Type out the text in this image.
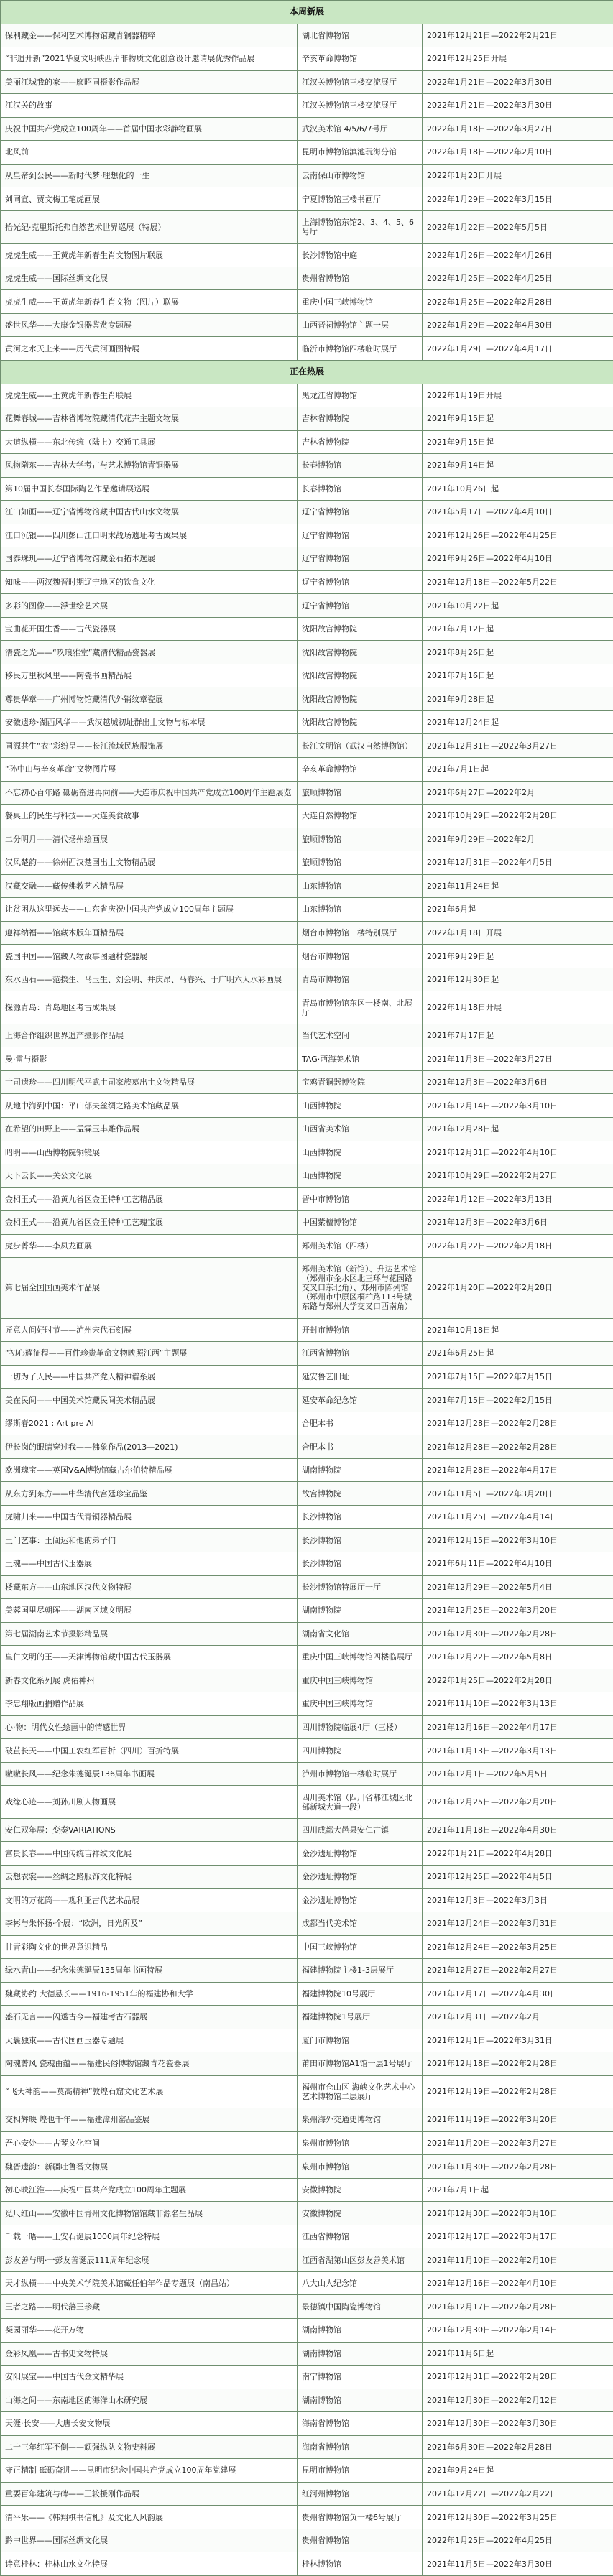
本周新展		
保利藏金——保利艺术博物馆藏青铜器精粹	湖北省博物馆	2021年12月21日—2022年2月21日
“非遗开新”2021华夏文明峡西岸非物质文化创意设计邀请展优秀作品展	辛亥革命博物馆	2021年12月25日开展
美丽江城我的家——廖昭同摄影作品展	江汉关博物馆三楼交流展厅	2022年1月21日—2022年3月30日
江汉关的故事	江汉关博物馆三楼交流展厅	2022年1月21日—2022年3月30日
庆祝中国共产党成立100周年——首届中国水彩静物画展	武汉美术馆 4/5/6/7号厅	2022年1月18日—2022年3月27日
北风前	昆明市博物馆滇池玩海分馆	2022年1月18日—2022年2月10日
从皇帝到公民——新时代梦·理想化的一生	云南保山市博物馆	2022年1月23日开展
刘同宣、贾文梅工笔虎画展	宁夏博物馆三楼书画厅	2022年1月29日—2022年3月15日
拾光纪·克里斯托弗自然艺术世界巡展（特展）	上海博物馆东馆2、3、4、5、6号厅	2022年1月22日—2022年5月5日
虎虎生威——王黄虎年新春生肖文物图片联展	长沙博物馆中庭	2022年1月26日—2022年4月26日
虎虎生威——国际丝绸文化展	贵州省博物馆	2022年1月25日—2022年4月25日
虎虎生威——王黄虎年新春生肖文物（图片）联展	重庆中国三峡博物馆	2022年1月25日—2022年2月28日
盛世风华——大康金银器鉴赏专题展	山西晋祠博物馆主题一层	2022年1月29日—2022年4月30日
黄河之水天上来——历代黄河画图特展	临沂市博物馆四楼临时展厅	2022年1月29日—2022年4月17日
正在热展		
虎虎生威——王黄虎年新春生肖联展	黑龙江省博物馆	2022年1月19日开展
花舞春城——吉林省博物院藏清代花卉主题文物展	吉林省博物院	2021年9月15日起
大道纵横——东北传统（陆上）交通工具展	吉林省博物院	2021年9月15日起
风物隋东——吉林大学考古与艺术博物馆青铜器展	长春博物馆	2021年9月14日起
第10届中国长春国际陶艺作品邀请展巡展	长春博物馆	2021年10月26日起
江山如画——辽宁省博物馆藏中国古代山水文物展	辽宁省博物馆	2021年5月17日—2022年4月10日
江口沉银——四川彭山江口明末战场遗址考古成果展	辽宁省博物馆	2021年12月26日—2022年4月25日
国泰珠玑——辽宁省博物馆藏金石拓本选展	辽宁省博物馆	2021年9月26日—2022年4月10日
知味——两汉魏晋时期辽宁地区的饮食文化	辽宁省博物馆	2021年12月18日—2022年5月22日
多彩的图像——浮世绘艺术展	辽宁省博物馆	2021年10月22日起
宝曲花开国生香——古代瓷器展	沈阳故宫博物院	2021年7月12日起
清瓷之光——“玖琅雅堂”藏清代精品瓷器展	沈阳故宫博物院	2021年8月26日起
移民万里秋风里——陶瓷书画精品展	沈阳故宫博物院	2021年7月16日起
尊贵华章——广州博物馆藏清代外销纹章瓷展	沈阳故宫博物院	2021年9月28日起
安徽遗珍·湖西风华——武汉越城初址群出土文物与标本展	沈阳故宫博物院	2021年12月24日起
同源共生“衣”彩纷呈——长江流域民族服饰展	长江文明馆（武汉自然博物馆）	2021年12月31日—2022年3月27日
“孙中山与辛亥革命”文物图片展	辛亥革命博物馆	2021年7月1日起
不忘初心百年路 砥砺奋进再向前——大连市庆祝中国共产党成立100周年主题展览	旅顺博物馆	2021年6月27日—2022年2月
餐桌上的民生与科技——大连美食故事	大连自然博物馆	2021年10月29日—2022年2月28日
二分明月——清代扬州绘画展	旅顺博物馆	2021年9月29日—2022年2月
汉风楚韵——徐州西汉楚国出土文物精品展	旅顺博物馆	2021年12月31日—2022年4月5日
汉藏交融——藏传佛教艺术精品展	山东博物馆	2021年11月24日起
让贫困从这里远去——山东省庆祝中国共产党成立100周年主题展	山东博物馆	2021年6月起
迎祥纳福——馆藏木版年画精品展	烟台市博物馆一楼特别展厅	2022年1月18日开展
瓷国中国——馆藏人物故事图题材瓷器展	烟台市博物馆	2021年9月29日起
东水西石——范揆生、马玉生、刘会明、井庆昂、马春兴、于广明六人水彩画展	青岛市博物馆	2021年12月30日起
探源青岛：青岛地区考古成果展	青岛市博物馆东区一楼南、北展厅	2022年1月18日开展
上海合作组织世界遗产摄影作品展	当代艺术空间	2021年7月17日起
曼·雷与摄影	TAG·西海美术馆	2021年11月3日—2022年3月27日
士司遗珍——四川明代平武土司家族墓出土文物精品展	宝鸡青铜器博物院	2021年12月3日—2022年3月6日
从地中海到中国：平山郁夫丝绸之路美术馆藏品展	山西博物院	2021年12月14日—2022年3月10日
在希望的田野上——孟霖玉丰雕作品展	山西省美术馆	2021年12月28日起
昭明——山西博物院铜镜展	山西博物院	2021年12月31日—2022年4月10日
天下云长——关公文化展	山西博物院	2021年10月29日—2022年2月27日
金相玉式——沿黄九省区金玉特种工艺精品展	晋中市博物馆	2022年1月12日—2022年3月13日
金相玉式——沿黄九省区金玉特种工艺瑰宝展	中国紫檀博物馆	2021年12月3日—2022年3月6日
虎步菁华——李凤龙画展	郑州美术馆（四楼）	2022年1月22日—2022年2月18日
第七届全国国画美术作品展	郑州美术馆（新馆）、升达艺术馆（郑州市金水区北三环与花园路交叉口东北角）、郑州市陈列馆（郑州市中原区桐柏路113号城东路与郑州大学交叉口西南角）	2022年1月20日—2022年2月28日
匠意人间好时节——泸州宋代石刻展	开封市博物馆	2021年10月18日起
“初心耀征程——百件珍贵革命文物映照江西”主题展	江西省博物馆	2021年6月25日起
一切为了人民——中国共产党人精神谱系展	延安鲁艺旧址	2021年7月15日—2022年7月15日
美在民间——中国美术馆藏民间美术精品展	延安革命纪念馆	2021年7月15日—2022年2月15日
缪斯春2021 : Art pre AI	合肥本书	2021年12月28日—2022年2月28日
伊长岗的眼睛穿过我——佛象作品(2013—2021)	合肥本书	2021年12月28日—2022年2月28日
欧洲瑰宝——英国V&A博物馆藏古尔伯特精品展	湖南博物院	2021年12月28日—2022年4月17日
从东方到东方——中华清代宫廷珍宝品鉴	故宫博物院	2021年11月5日—2022年3月20日
虎啸归来——中国古代青铜器精品展	长沙博物馆	2021年11月25日—2022年4月14日
王门艺事：王闿运和他的弟子们	长沙博物馆	2021年12月15日—2022年3月10日
王魂——中国古代玉器展	长沙博物馆	2021年6月11日—2022年4月10日
楼藏东方——山东地区汉代文物特展	长沙博物馆特展厅一厅	2021年12月29日—2022年5月4日
美蓉国里尽朝晖——湖南区域文明展	湖南博物院	2021年12月25日—2022年3月20日
第七届湖南艺术节摄影精品展	湖南省文化馆	2021年12月30日—2022年2月28日
皇仁文明的王——天津博物馆藏中国古代玉器展	重庆中国三峡博物馆四楼临展厅	2021年12月22日—2022年5月8日
新春文化系列展 虎佑神州	重庆中国三峡博物馆	2022年1月25日—2022年2月28日
李忠翔版画捐赠作品展	重庆中国三峡博物馆	2021年11月10日—2022年3月13日
心·物：明代女性绘画中的情感世界	四川博物院临展4厅（三楼）	2021年12月16日—2022年4月17日
破茧长天——中国工农红军百折（四川）百折特展	四川博物院	2021年11月13日—2022年3月13日
嗷嗷长风——纪念朱德诞辰136周年书画展	泸州市博物馆一楼临时展厅	2021年12月1日—2022年5月5日
戏缘心迹——刘孙川剧人物画展	四川美术馆（四川省郫江城区北部新城大道一段）	2021年12月25日—2022年2月20日
安仁双年展：变奏VARIATIONS	四川成都大邑县安仁古镇	2021年11月18日—2022年4月30日
富贵长春——中国传统吉祥纹文化展	金沙遗址博物馆	2022年1月21日—2022年4月28日
云想衣裳——丝绸之路服饰文化特展	金沙遗址博物馆	2021年12月25日—2022年4月5日
文明的万花筒——观利亚古代艺术品展	金沙遗址博物馆	2021年12月3日—2022年3月3日
李彬与朱怀扬·个展：“欧洲，日光所及”	成都当代美术馆	2021年12月24日—2022年3月31日
甘青彩陶文化的世界意识精品	中国三峡博物馆	2021年12月24日—2022年3月25日
绿水青山——纪念朱德诞辰135周年书画特展	福建博物院主楼1-3层展厅	2021年12月27日—2022年2月27日
魏藏协约 大德悬长——1916-1951年的福建协和大学	福建博物院10号展厅	2021年12月17日—2022年4月30日
盛石无言——闪透古今—福建考古石器展	福建博物院1号展厅	2021年12月31日—2022年2月
大囊独束——古代国画玉器专题展	厦门市博物馆	2021年12月1日—2022年3月31日
陶魂菁风 瓷魂由蕴——福建民俗博物馆藏青花瓷器展	莆田市博物馆A1馆一层1号展厅	2021年12月18日—2022年2月28日
“飞天神韵——莫高精神”敦煌石窟文化艺术展	福州市仓山区 海峡文化艺术中心 艺术博物馆二层展厅	2021年12月19日—2022年2月28日
交相辉映 煌也千年——福建漳州窑品鉴展	泉州海外交通史博物馆	2021年11月19日—2022年3月20日
吾心安处——古琴文化空间	泉州市博物馆	2021年11月20日—2022年3月27日
魏晋遗韵：新疆吐鲁番文物展	泉州市博物馆	2021年11月30日—2022年2月28日
初心映江淮——庆祝中国共产党成立100周年主题展	安徽博物院	2021年7月1日起
觅尺红山——安徽中国青州文化博物馆馆藏非源名生品展	安徽博物院	2021年12月30日—2022年3月10日
千载一晤——王安石诞辰1000周年纪念特展	江西省博物馆	2021年12月17日—2022年3月17日
彭友善与明·一彭友善诞辰111周年纪念展	江西省湖第山区彭友善美术馆	2021年11月10日—2022年2月10日
天才纵横——中央美术学院美术馆藏任伯年作品专题展（南昌站）	八大山人纪念馆	2021年12月16日—2022年4月10日
王者之路——明代藩王珍藏	景德镇中国陶瓷博物馆	2021年12月17日—2022年2月28日
凝园丽华——花开万物	湖南博物馆	2021年12月30日—2022年2月14日
金彩凤凰——古书史文物特展	湖南博物馆	2021年11月6日起
安阳展宝——中国古代金文精华展	南宁博物馆	2021年12月31日—2022年2月28日
山海之间——东南地区的海洋山水研究展	湖南博物馆	2021年12月30日—2022年2月12日
天涯·长安——大唐长安文物展	海南省博物馆	2021年12月30日—2022年3月30日
二十三年红军不倒——顽强纵队文物史料展	海南省博物馆	2021年6月30日—2022年2月28日
守正精制 砥砺奋进——昆明市纪念中国共产党成立100周年党建展	昆明市博物馆	2021年9月24日起
重要百年建筑与碑——王较援刚作品展	红河州博物馆	2021年12月22日—2022年2月22日
清平乐——《韩翔棋书信札》及文化人风韵展	贵州省博物馆负一楼6号展厅	2021年12月30日—2022年3月25日
黔中世界——国际丝绸文化展	贵州省博物馆	2022年1月25日—2022年4月25日
诗意桂林：桂林山水文化特展	桂林博物馆	2021年11月5日—2022年3月30日
